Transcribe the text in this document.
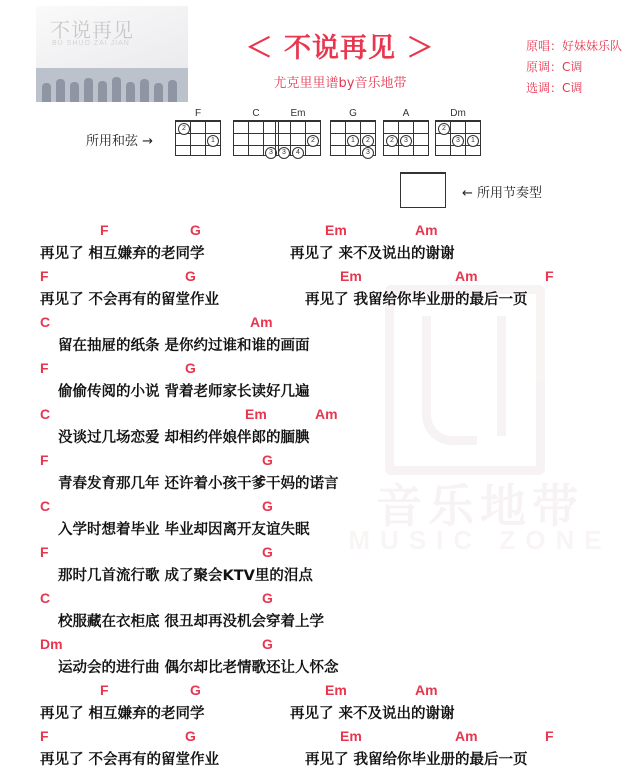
音乐地带
MUSIC ZONE
不说再见
BU SHUO ZAI JIAN	＜ 不说再见 ＞
尤克里里谱by音乐地带
原唱：好妹妹乐队
原调：C调
选调：C调
所用和弦 →
F
2
1
C
3
Em
3	4
2
G
1
3
2
A
2	3
Dm
2
3	1
← 所用节奏型
F	G	Em	Am
再见了 相互嫌弃的老同学	再见了 来不及说出的谢谢
F	G	Em	Am	F
再见了 不会再有的留堂作业	再见了 我留给你毕业册的最后一页
C	Am
留在抽屉的纸条 是你约过谁和谁的画面
F	G
偷偷传阅的小说 背着老师家长读好几遍
C	Em	Am
没谈过几场恋爱 却相约伴娘伴郎的腼腆
F	G
青春发育那几年 还许着小孩干爹干妈的诺言
C	G
入学时想着毕业 毕业却因离开友谊失眠
F	G
那时几首流行歌 成了聚会KTV里的泪点
C	G
校服藏在衣柜底 很丑却再没机会穿着上学
Dm	G
运动会的进行曲 偶尔却比老情歌还让人怀念
F	G	Em	Am
再见了 相互嫌弃的老同学	再见了 来不及说出的谢谢
F	G	Em	Am	F
再见了 不会再有的留堂作业	再见了 我留给你毕业册的最后一页
